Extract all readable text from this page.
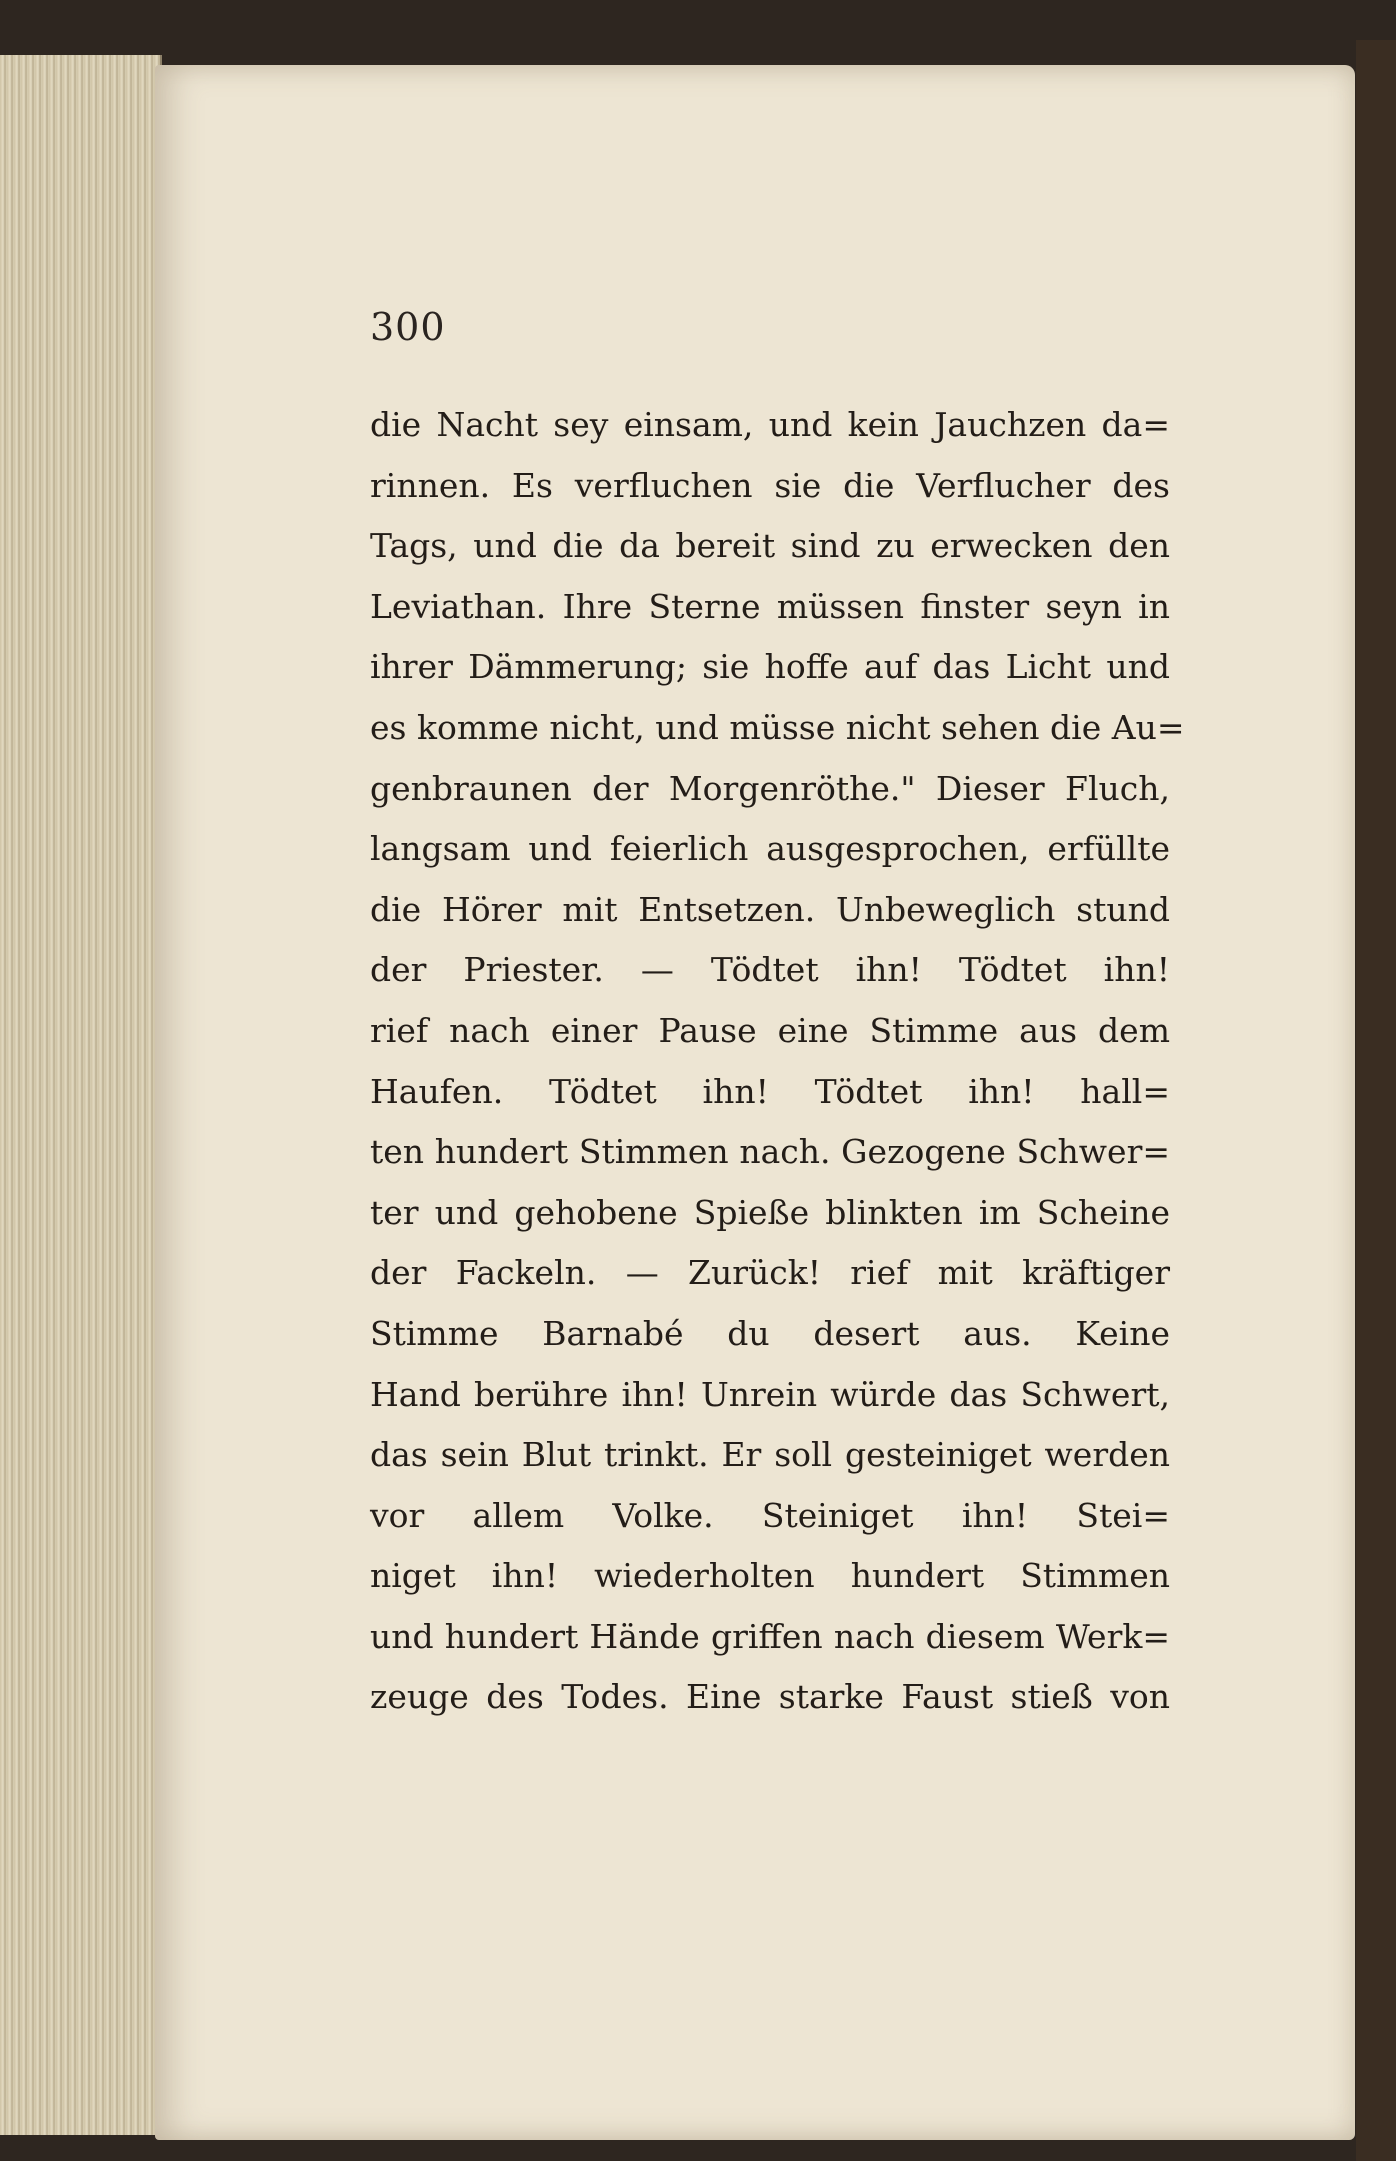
300
die Nacht sey einsam, und kein Jauchzen da=
rinnen. Es verfluchen sie die Verflucher des
Tags, und die da bereit sind zu erwecken den
Leviathan. Ihre Sterne müssen finster seyn in
ihrer Dämmerung; sie hoffe auf das Licht und
es komme nicht, und müsse nicht sehen die Au=
genbraunen der Morgenröthe." Dieser Fluch,
langsam und feierlich ausgesprochen, erfüllte
die Hörer mit Entsetzen. Unbeweglich stund
der Priester. — Tödtet ihn! Tödtet ihn!
rief nach einer Pause eine Stimme aus dem
Haufen. Tödtet ihn! Tödtet ihn! hall=
ten hundert Stimmen nach. Gezogene Schwer=
ter und gehobene Spieße blinkten im Scheine
der Fackeln. — Zurück! rief mit kräftiger
Stimme Barnabé du desert aus. Keine
Hand berühre ihn! Unrein würde das Schwert,
das sein Blut trinkt. Er soll gesteiniget werden
vor allem Volke. Steiniget ihn! Stei=
niget ihn! wiederholten hundert Stimmen
und hundert Hände griffen nach diesem Werk=
zeuge des Todes. Eine starke Faust stieß von
